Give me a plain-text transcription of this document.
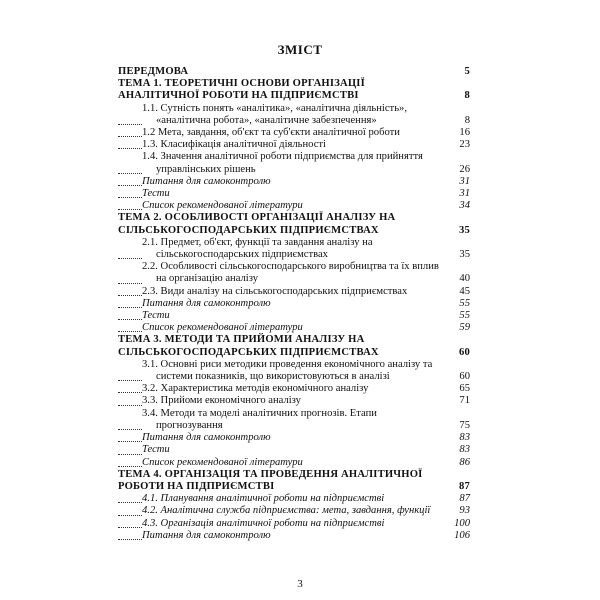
ЗМІСТ
ПЕРЕДМОВА	5
ТЕМА 1. ТЕОРЕТИЧНІ ОСНОВИ ОРГАНІЗАЦІЇ АНАЛІТИЧНОЇ РОБОТИ НА ПІДПРИЄМСТВІ	8
1.1. Сутність понять «аналітика», «аналітична діяльність», «аналітична робота», «аналітичне забезпечення»	8
1.2 Мета, завдання, об'єкт та суб'єкти аналітичної роботи	16
1.3. Класифікація аналітичної діяльності	23
1.4. Значення аналітичної роботи підприємства для прийняття управлінських рішень	26
Питання для самоконтролю	31
Тести	31
Список рекомендованої літератури	34
ТЕМА 2. ОСОБЛИВОСТІ ОРГАНІЗАЦІЇ АНАЛІЗУ НА СІЛЬСЬКОГОСПОДАРСЬКИХ ПІДПРИЄМСТВАХ	35
2.1. Предмет, об'єкт, функції та завдання аналізу на сільськогосподарських підприємствах	35
2.2. Особливості сільськогосподарського виробництва та їх вплив на організацію аналізу	40
2.3. Види аналізу на сільськогосподарських підприємствах	45
Питання для самоконтролю	55
Тести	55
Список рекомендованої літератури	59
ТЕМА 3. МЕТОДИ ТА ПРИЙОМИ АНАЛІЗУ НА СІЛЬСЬКОГОСПОДАРСЬКИХ ПІДПРИЄМСТВАХ	60
3.1. Основні риси методики проведення економічного аналізу та системи показників, що використовуються в аналізі	60
3.2. Характеристика методів економічного аналізу	65
3.3. Прийоми економічного аналізу	71
3.4. Методи та моделі аналітичних прогнозів. Етапи прогнозування	75
Питання для самоконтролю	83
Тести	83
Список рекомендованої літератури	86
ТЕМА 4. ОРГАНІЗАЦІЯ ТА ПРОВЕДЕННЯ АНАЛІТИЧНОЇ РОБОТИ НА ПІДПРИЄМСТВІ	87
4.1. Планування аналітичної роботи на підприємстві	87
4.2. Аналітична служба підприємства: мета, завдання, функції	93
4.3. Організація аналітичної роботи на підприємстві	100
Питання для самоконтролю	106
3
